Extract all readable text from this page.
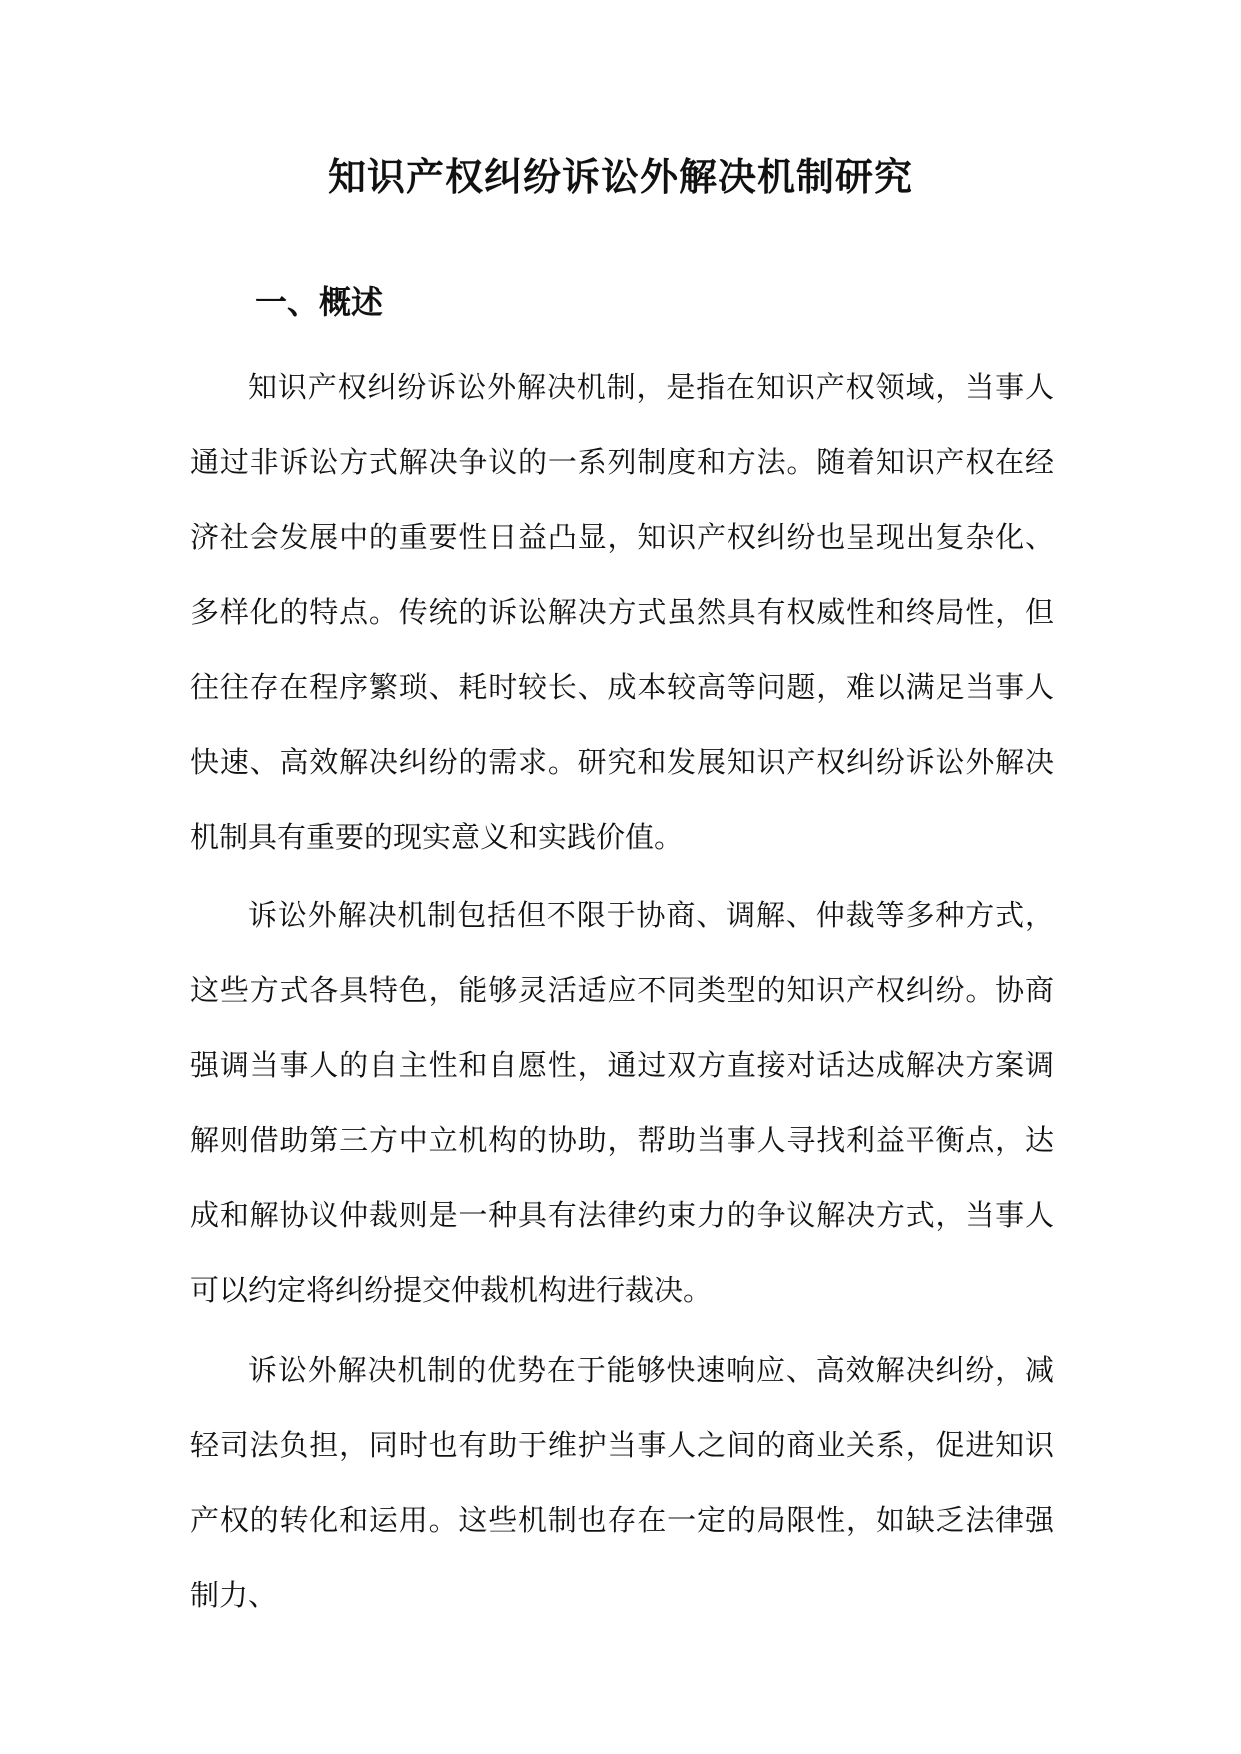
知识产权纠纷诉讼外解决机制研究
一、概述

知识产权纠纷诉讼外解决机制，是指在知识产权领域，当事人通过非诉讼方式解决争议的一系列制度和方法。随着知识产权在经济社会发展中的重要性日益凸显，知识产权纠纷也呈现出复杂化、多样化的特点。传统的诉讼解决方式虽然具有权威性和终局性，但往往存在程序繁琐、耗时较长、成本较高等问题，难以满足当事人快速、高效解决纠纷的需求。研究和发展知识产权纠纷诉讼外解决机制具有重要的现实意义和实践价值。

诉讼外解决机制包括但不限于协商、调解、仲裁等多种方式，这些方式各具特色，能够灵活适应不同类型的知识产权纠纷。协商强调当事人的自主性和自愿性，通过双方直接对话达成解决方案调解则借助第三方中立机构的协助，帮助当事人寻找利益平衡点，达成和解协议仲裁则是一种具有法律约束力的争议解决方式，当事人可以约定将纠纷提交仲裁机构进行裁决。

诉讼外解决机制的优势在于能够快速响应、高效解决纠纷，减轻司法负担，同时也有助于维护当事人之间的商业关系，促进知识产权的转化和运用。这些机制也存在一定的局限性，如缺乏法律强制力、
